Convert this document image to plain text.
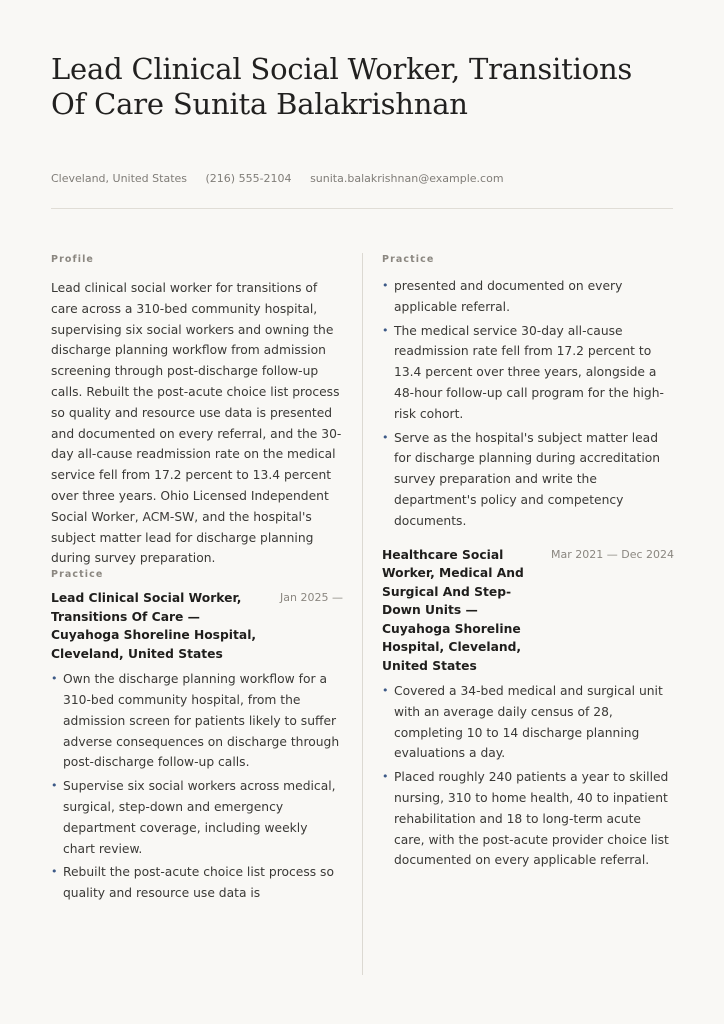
Lead Clinical Social Worker, Transitions Of Care Sunita Balakrishnan
Cleveland, United States (216) 555-2104 sunita.balakrishnan@example.com
Profile

Lead clinical social worker for transitions of care across a 310-bed community hospital, supervising six social workers and owning the discharge planning workflow from admission screening through post-discharge follow-up calls. Rebuilt the post-acute choice list process so quality and resource use data is presented and documented on every referral, and the 30-day all-cause readmission rate on the medical service fell from 17.2 percent to 13.4 percent over three years. Ohio Licensed Independent Social Worker, ACM-SW, and the hospital's subject matter lead for discharge planning during survey preparation.

Practice
Lead Clinical Social Worker, Transitions Of Care — Cuyahoga Shoreline Hospital, Cleveland, United States
Jan 2025 —
• Own the discharge planning workflow for a 310-bed community hospital, from the admission screen for patients likely to suffer adverse consequences on discharge through post-discharge follow-up calls.
• Supervise six social workers across medical, surgical, step-down and emergency department coverage, including weekly chart review.
• Rebuilt the post-acute choice list process so quality and resource use data is
Practice
• presented and documented on every applicable referral.
• The medical service 30-day all-cause readmission rate fell from 17.2 percent to 13.4 percent over three years, alongside a 48-hour follow-up call program for the high-risk cohort.
• Serve as the hospital's subject matter lead for discharge planning during accreditation survey preparation and write the department's policy and competency documents.
Healthcare Social Worker, Medical And Surgical And Step-Down Units — Cuyahoga Shoreline Hospital, Cleveland, United States
Mar 2021 — Dec 2024
• Covered a 34-bed medical and surgical unit with an average daily census of 28, completing 10 to 14 discharge planning evaluations a day.
• Placed roughly 240 patients a year to skilled nursing, 310 to home health, 40 to inpatient rehabilitation and 18 to long-term acute care, with the post-acute provider choice list documented on every applicable referral.
